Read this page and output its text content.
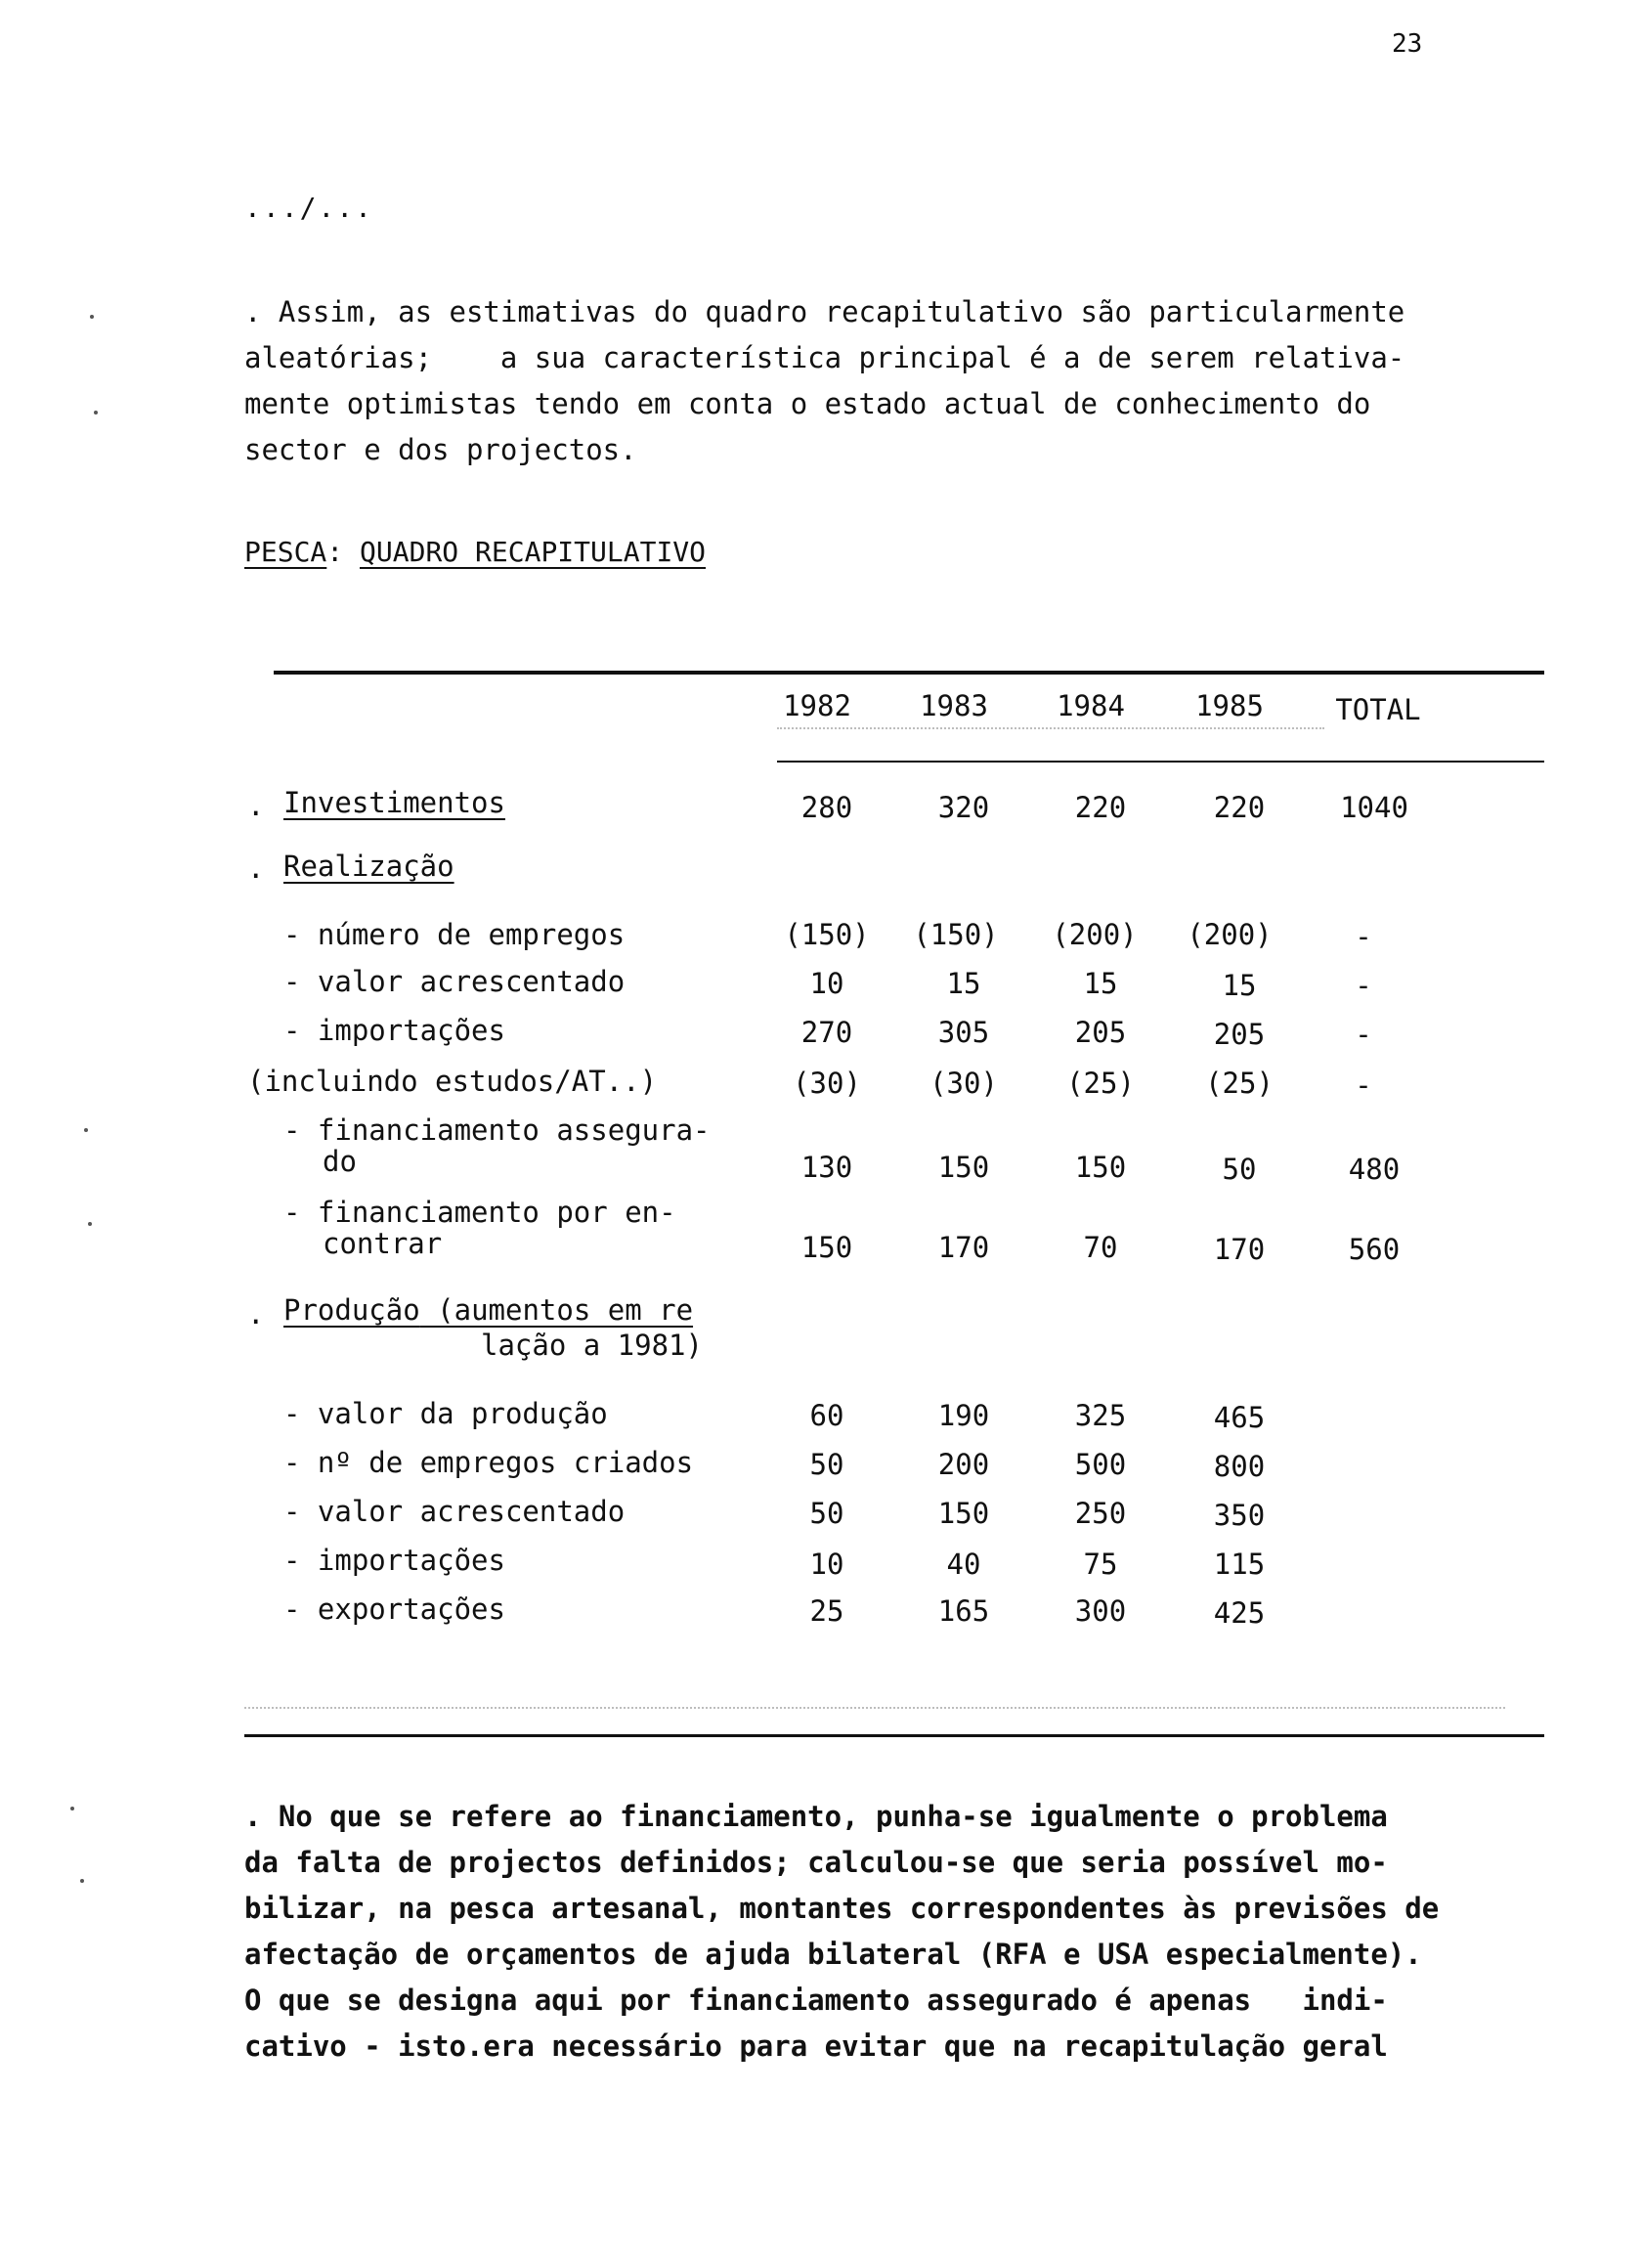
23
.../...

. Assim, as estimativas do quadro recapitulativo são particularmente

aleatórias;    a sua característica principal é a de serem relativa-

mente optimistas tendo em conta o estado actual de conhecimento do

sector e dos projectos.

PESCA: QUADRO RECAPITULATIVO
1982	1983	1984	1985	TOTAL
. Investimentos	280	320	220	220	1040
. Realização
- número de empregos	(150) (150) (200) (200)	-
- valor acrescentado	10	15	15	15	-
- importações	270	305	205	205	-
(incluindo estudos/AT..)	(30)	(30)	(25)	(25)	-
- financiamento assegura-
do	130	150	150	50	480
- financiamento por en-
contrar	150	170	70	170	560
. Produção (aumentos em re
lação a 1981)
- valor da produção	60	190	325	465
- nº de empregos criados	50	200	500	800
- valor acrescentado	50	150	250	350
- importações	10	40	75	115
- exportações	25	165	300	425

. No que se refere ao financiamento, punha-se igualmente o problema

da falta de projectos definidos; calculou-se que seria possível mo-

bilizar, na pesca artesanal, montantes correspondentes às previsões de

afectação de orçamentos de ajuda bilateral (RFA e USA especialmente).

O que se designa aqui por financiamento assegurado é apenas   indi-

cativo - isto.era necessário para evitar que na recapitulação geral
